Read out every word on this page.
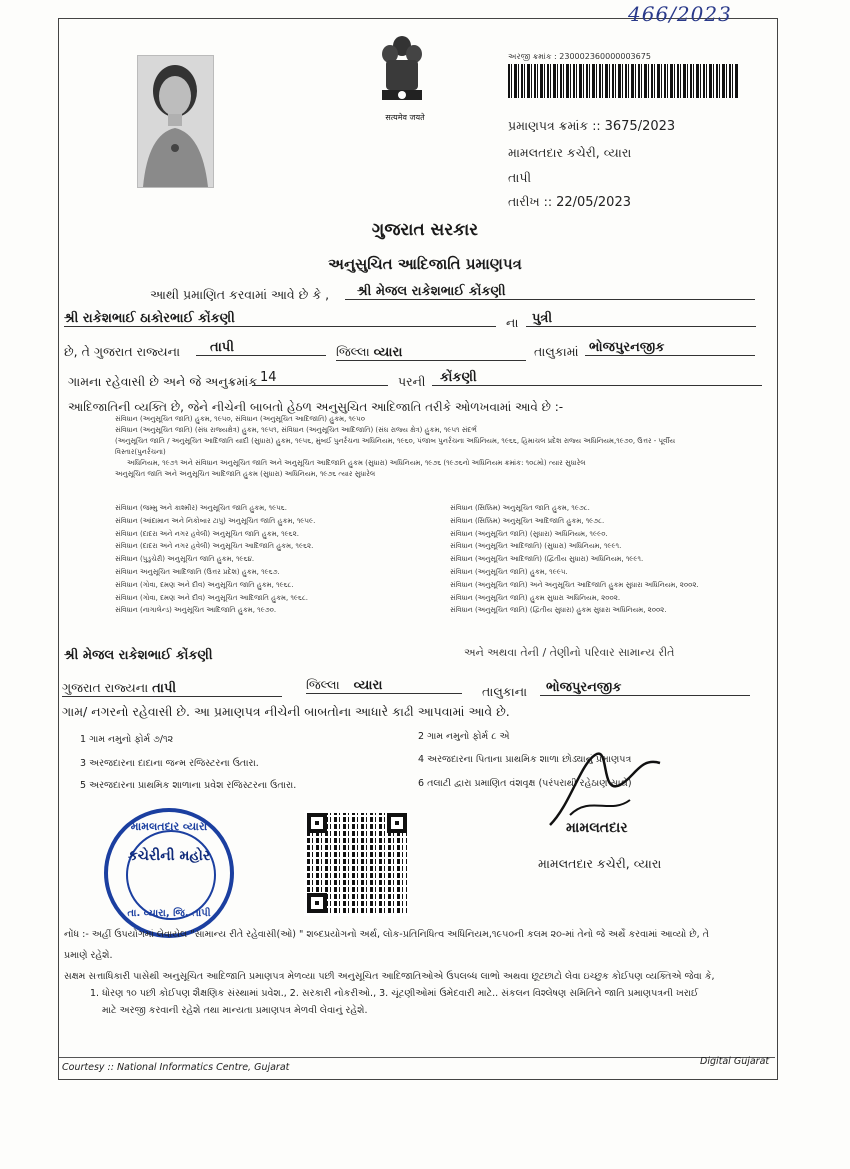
466/2023
सत्यमेव जयते
અરજી ક્રમાંક : 230002360000003675
પ્રમાણપત્ર ક્રમાંક :: 3675/2023
મામલતદાર કચેરી, વ્યારા
તાપી
તારીખ :: 22/05/2023
ગુજરાત સરકાર
અનુસુચિત આદિજાતિ પ્રમાણપત્ર
આથી પ્રમાણિત કરવામાં આવે છે કે ,	શ્રી મેજલ રાકેશભાઈ કોંકણી
શ્રી રાકેશભાઈ ઠાકોરભાઈ કોંકણી	ના	પુત્રી
છે, તે ગુજરાત રાજ્યના	તાપી	જિલ્લા વ્યારા	તાલુકામાં ભોજપુરનજીક
ગામના રહેવાસી છે અને જે અનુક્રમાંક 14	પરની	કોંકણી
આદિજાતિની વ્યક્તિ છે, જેને નીચેની બાબતો હેઠળ અનુસુચિત આદિજાતિ તરીકે ઓળખવામાં આવે છે :-
સંવિધાન (અનુસૂચિત જાતિ) હુકમ, ૧૯૫૦, સંવિધાન (અનુસૂચિત આદિજાતિ) હુકમ, ૧૯૫૦
સંવિધાન (અનુસૂચિત જાતિ) (સંઘ રાજ્યક્ષેત્ર) હુકમ, ૧૯૫૧, સંવિધાન (અનુસૂચિત આદિજાતિ) (સંઘ રાજ્ય ક્ષેત્ર) હુકમ, ૧૯૫૧ સંદર્ભ
(અનુસૂચિત જાતિ / અનુસૂચિત આદિજાતિ યાદી (સુધારા) હુકમ, ૧૯૫૬, મુંબઈ પુનર્રચના અધિનિયમ, ૧૯૬૦, પંજાબ પુનર્રચના અધિનિયમ, ૧૯૬૬, હિમાચલ પ્રદેશ રાજ્ય અધિનિયમ,૧૯૭૦, ઉત્તર - પૂર્વીય વિસ્તાર(પુનર્રચના)
અધિનિયમ, ૧૯૭૧ અને સંવિધાન અનુસૂચિત જાતિ અને અનુસૂચિત આદિજાતિ હુકમ (સુધારા) અધિનિયમ, ૧૯૭૬ (૧૯૭૬નો અધિનિયમ ક્રમાંક: ૧૦૮મો) ત્યાર સુધારેલ
અનુસૂચિત જાતિ અને અનુસૂચિત આદિજાતિ હુકમ (સુધારા) અધિનિયમ, ૧૯૭૬ ત્યાર સુધારેલ
સંવિધાન (જમ્મુ અને કાશ્મીર) અનુસૂચિત જાતિ હુકમ, ૧૯૫૬.
સંવિધાન (આંદામાન અને નિકોબાર ટાપુ) અનુસૂચિત જાતિ હુકમ, ૧૯૫૯.
સંવિધાન (દાદરા અને નગર હવેલી) અનુસૂચિત જાતિ હુકમ, ૧૯૬૨.
સંવિધાન (દાદરા અને નગર હવેલી) અનુસૂચિત આદિજાતિ હુકમ, ૧૯૬૨.
સંવિધાન (પુડુચેરી) અનુસૂચિત જાતિ હુકમ, ૧૯૬૪.
સંવિધાન અનુસૂચિત આદિજાતિ (ઉત્તર પ્રદેશ) હુકમ, ૧૯૬૭.
સંવિધાન (ગોવા, દમણ અને દીવ) અનુસૂચિત જાતિ હુકમ, ૧૯૬૮.
સંવિધાન (ગોવા, દમણ અને દીવ) અનુસૂચિત આદિજાતિ હુકમ, ૧૯૬૮.
સંવિધાન (નાગાલેન્ડ) અનુસૂચિત આદિજાતિ હુકમ, ૧૯૭૦.
સંવિધાન (સિક્કિમ) અનુસૂચિત જાતિ હુકમ, ૧૯૭૮.
સંવિધાન (સિક્કિમ) અનુસૂચિત આદિજાતિ હુકમ, ૧૯૭૮.
સંવિધાન (અનુસૂચિત જાતિ) (સુધારા) અધિનિયમ, ૧૯૯૦.
સંવિધાન (અનુસૂચિત આદિજાતિ) (સુધારા) અધિનિયમ, ૧૯૯૧.
સંવિધાન (અનુસૂચિત આદિજાતિ) (દ્વિતીય સુધારા) અધિનિયમ, ૧૯૯૧.
સંવિધાન (અનુસૂચિત જાતિ) હુકમ, ૧૯૯૫.
સંવિધાન (અનુસૂચિત જાતિ) અને અનુસૂચિત આદિજાતિ હુકમ સુધારા અધિનિયમ, ૨૦૦૨.
સંવિધાન (અનુસૂચિત જાતિ) હુકમ સુધારા અધિનિયમ, ૨૦૦૨.
સંવિધાન (અનુસૂચિત જાતિ) (દ્વિતીય સુધારા) હુકમ સુધારા અધિનિયમ, ૨૦૦૨.
શ્રી મેજલ રાકેશભાઈ કોંકણી	અને અથવા તેની / તેણીનો પરિવાર સામાન્ય રીતે
ગુજરાત રાજ્યના તાપી	જિલ્લા વ્યારા	તાલુકાના	ભોજપુરનજીક
ગામ/ નગરનો રહેવાસી છે. આ પ્રમાણપત્ર નીચેની બાબતોના આધારે કાઢી આપવામાં આવે છે.
1 ગામ નમુનો ફોર્મ ૭/૧૨	2 ગામ નમુનો ફોર્મ ૮ એ
3 અરજદારના દાદાના જન્મ રજિસ્ટરના ઉતારા.	4 અરજદારના પિતાના પ્રાથમિક શાળા છોડ્યાનું પ્રમાણપત્ર
5 અરજદારના પ્રાથમિક શાળાના પ્રવેશ રજિસ્ટરના ઉતારા.	6 તલાટી દ્વારા પ્રમાણિત વંશવૃક્ષ (પરંપરાથી રહેઠાણ સાથે)
મામલતદાર વ્યારા
કચેરીની મહોર
તા. વ્યારા, જિ. તાપી
મામલતદાર
મામલતદાર કચેરી, વ્યારા
નોંધ :- અહીં ઉપયોગમાં લેવાયેલ "સામાન્ય રીતે રહેવાસી(ઓ) " શબ્દપ્રયોગનો અર્થ, લોક-પ્રતિનિધિત્વ અધિનિયમ,૧૯૫૦ની કલમ ૨૦-માં તેનો જે અર્થે કરવામાં આવ્યો છે, તે
પ્રમાણે રહેશે.
સક્ષમ સત્તાધિકારી પાસેથી અનુસૂચિત આદિજાતિ પ્રમાણપત્ર મેળવ્યા પછી અનુસૂચિત આદિજાતિઓએ ઉપલબ્ધ લાભો અથવા છૂટછાટો લેવા ઇચ્છુક કોઈપણ વ્યક્તિએ જેવા કે,
1. ધોરણ ૧૦ પછી કોઈપણ શૈક્ષણિક સંસ્થામાં પ્રવેશ., 2. સરકારી નોકરીઓ., 3. ચૂંટણીઓમાં ઉમેદવારી માટે.. સંકલન વિશ્લેષણ સમિતિને જાતિ પ્રમાણપત્રની ખરાઈ
માટે અરજી કરવાની રહેશે તથા માન્યતા પ્રમાણપત્ર મેળવી લેવાનું રહેશે.
Courtesy :: National Informatics Centre, Gujarat
Digital Gujarat
